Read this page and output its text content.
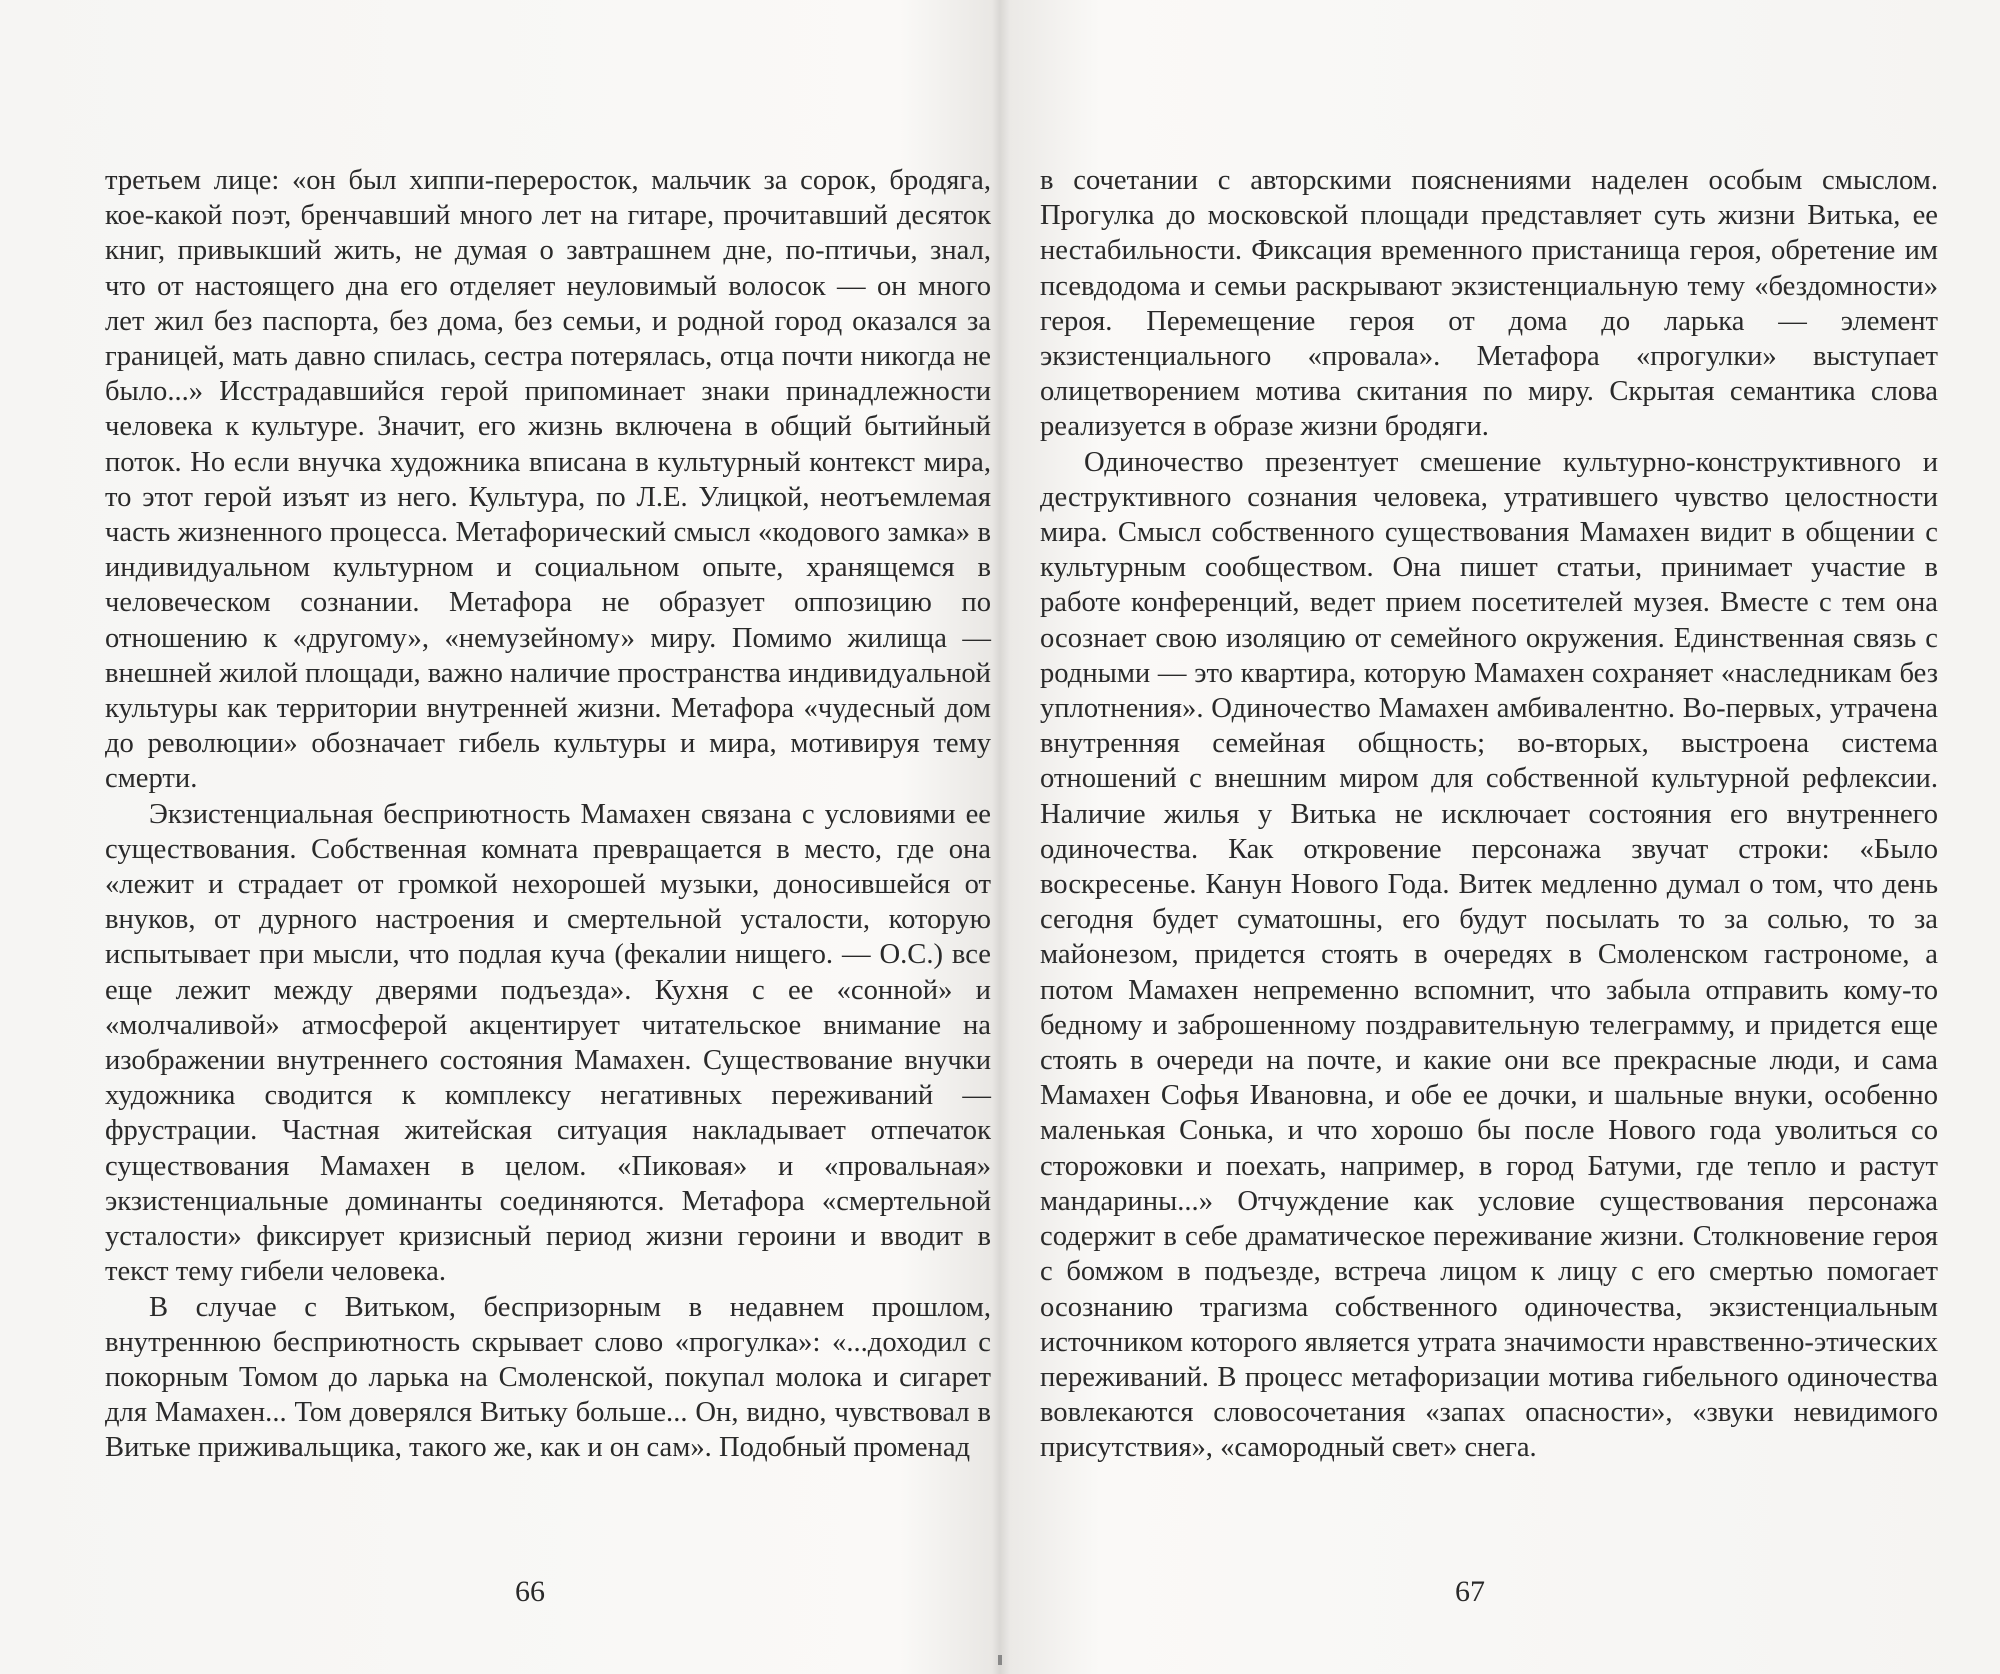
третьем лице: «он был хиппи-переросток, мальчик за сорок, бродяга, кое-какой поэт, бренчавший много лет на гитаре, прочитавший десяток книг, привыкший жить, не думая о завтрашнем дне, по-птичьи, знал, что от настоящего дна его отделяет неуловимый волосок — он много лет жил без паспорта, без дома, без семьи, и родной город оказался за границей, мать давно спилась, сестра потерялась, отца почти никогда не было...» Исстрадавшийся герой припоминает знаки принадлежности человека к культуре. Значит, его жизнь включена в общий бытийный поток. Но если внучка художника вписана в культурный контекст мира, то этот герой изъят из него. Культура, по Л.Е. Улицкой, неотъемлемая часть жизненного процесса. Метафорический смысл «кодового замка» в индивидуальном культурном и социальном опыте, хранящемся в человеческом сознании. Метафора не образует оппозицию по отношению к «другому», «немузейному» миру. Помимо жилища — внешней жилой площади, важно наличие пространства индивидуальной культуры как территории внутренней жизни. Метафора «чудесный дом до революции» обозначает гибель культуры и мира, мотивируя тему смерти.

Экзистенциальная бесприютность Мамахен связана с условиями ее существования. Собственная комната превращается в место, где она «лежит и страдает от громкой нехорошей музыки, доносившейся от внуков, от дурного настроения и смертельной усталости, которую испытывает при мысли, что подлая куча (фекалии нищего. — О.С.) все еще лежит между дверями подъезда». Кухня с ее «сонной» и «молчаливой» атмосферой акцентирует читательское внимание на изображении внутреннего состояния Мамахен. Существование внучки художника сводится к комплексу негативных переживаний — фрустрации. Частная житейская ситуация накладывает отпечаток существования Мамахен в целом. «Пиковая» и «провальная» экзистенциальные доминанты соединяются. Метафора «смертельной усталости» фиксирует кризисный период жизни героини и вводит в текст тему гибели человека.

В случае с Витьком, беспризорным в недавнем прошлом, внутреннюю бесприютность скрывает слово «прогулка»: «...доходил с покорным Томом до ларька на Смоленской, покупал молока и сигарет для Мамахен... Том доверялся Витьку больше... Он, видно, чувствовал в Витьке приживальщика, такого же, как и он сам». Подобный променад

66

в сочетании с авторскими пояснениями наделен особым смыслом. Прогулка до московской площади представляет суть жизни Витька, ее нестабильности. Фиксация временного пристанища героя, обретение им псевдодома и семьи раскрывают экзистенциальную тему «бездомности» героя. Перемещение героя от дома до ларька — элемент экзистенциального «провала». Метафора «прогулки» выступает олицетворением мотива скитания по миру. Скрытая семантика слова реализуется в образе жизни бродяги.

Одиночество презентует смешение культурно-конструктивного и деструктивного сознания человека, утратившего чувство целостности мира. Смысл собственного существования Мамахен видит в общении с культурным сообществом. Она пишет статьи, принимает участие в работе конференций, ведет прием посетителей музея. Вместе с тем она осознает свою изоляцию от семейного окружения. Единственная связь с родными — это квартира, которую Мамахен сохраняет «наследникам без уплотнения». Одиночество Мамахен амбивалентно. Во-первых, утрачена внутренняя семейная общность; во-вторых, выстроена система отношений с внешним миром для собственной культурной рефлексии. Наличие жилья у Витька не исключает состояния его внутреннего одиночества. Как откровение персонажа звучат строки: «Было воскресенье. Канун Нового Года. Витек медленно думал о том, что день сегодня будет суматошны, его будут посылать то за солью, то за майонезом, придется стоять в очередях в Смоленском гастрономе, а потом Мамахен непременно вспомнит, что забыла отправить кому-то бедному и заброшенному поздравительную телеграмму, и придется еще стоять в очереди на почте, и какие они все прекрасные люди, и сама Мамахен Софья Ивановна, и обе ее дочки, и шальные внуки, особенно маленькая Сонька, и что хорошо бы после Нового года уволиться со сторожовки и поехать, например, в город Батуми, где тепло и растут мандарины...» Отчуждение как условие существования персонажа содержит в себе драматическое переживание жизни. Столкновение героя с бомжом в подъезде, встреча лицом к лицу с его смертью помогает осознанию трагизма собственного одиночества, экзистенциальным источником которого является утрата значимости нравственно-этических переживаний. В процесс метафоризации мотива гибельного одиночества вовлекаются словосочетания «запах опасности», «звуки невидимого присутствия», «самородный свет» снега.

67
